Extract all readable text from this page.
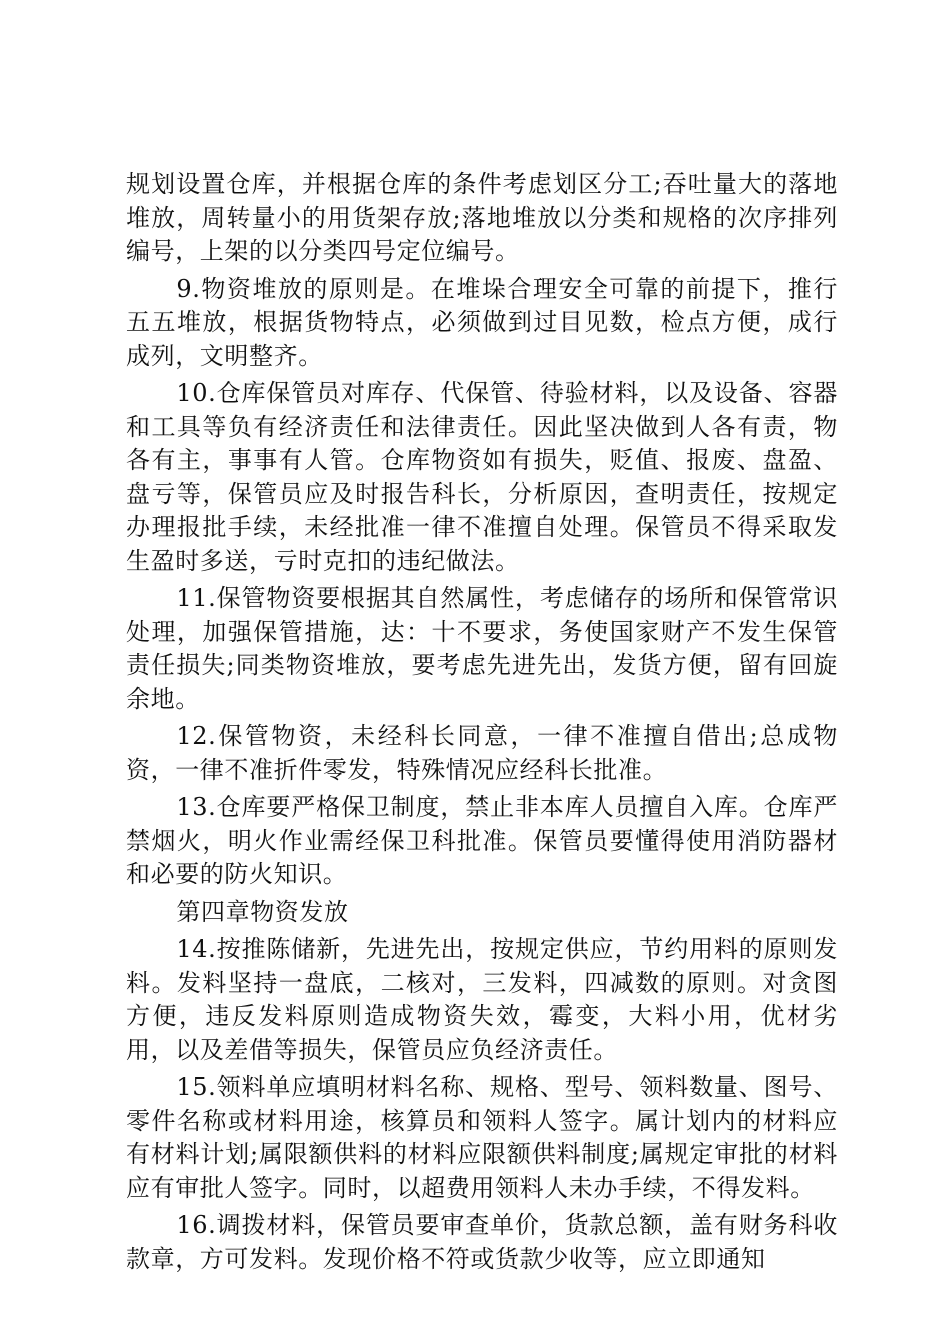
规划设置仓库，并根据仓库的条件考虑划区分工;吞吐量大的落地堆放，周转量小的用货架存放;落地堆放以分类和规格的次序排列编号，上架的以分类四号定位编号。

9.物资堆放的原则是。在堆垛合理安全可靠的前提下，推行五五堆放，根据货物特点，必须做到过目见数，检点方便，成行成列，文明整齐。

10.仓库保管员对库存、代保管、待验材料，以及设备、容器和工具等负有经济责任和法律责任。因此坚决做到人各有责，物各有主，事事有人管。仓库物资如有损失，贬值、报废、盘盈、盘亏等，保管员应及时报告科长，分析原因，查明责任，按规定办理报批手续，未经批准一律不准擅自处理。保管员不得采取发生盈时多送，亏时克扣的违纪做法。

11.保管物资要根据其自然属性，考虑储存的场所和保管常识处理，加强保管措施，达：十不要求，务使国家财产不发生保管责任损失;同类物资堆放，要考虑先进先出，发货方便，留有回旋余地。

12.保管物资，未经科长同意，一律不准擅自借出;总成物资，一律不准折件零发，特殊情况应经科长批准。

13.仓库要严格保卫制度，禁止非本库人员擅自入库。仓库严禁烟火，明火作业需经保卫科批准。保管员要懂得使用消防器材和必要的防火知识。

第四章物资发放

14.按推陈储新，先进先出，按规定供应，节约用料的原则发料。发料坚持一盘底，二核对，三发料，四减数的原则。对贪图方便，违反发料原则造成物资失效，霉变，大料小用，优材劣用，以及差借等损失，保管员应负经济责任。

15.领料单应填明材料名称、规格、型号、领料数量、图号、零件名称或材料用途，核算员和领料人签字。属计划内的材料应有材料计划;属限额供料的材料应限额供料制度;属规定审批的材料应有审批人签字。同时，以超费用领料人未办手续，不得发料。

16.调拨材料，保管员要审查单价，货款总额，盖有财务科收款章，方可发料。发现价格不符或货款少收等，应立即通知
